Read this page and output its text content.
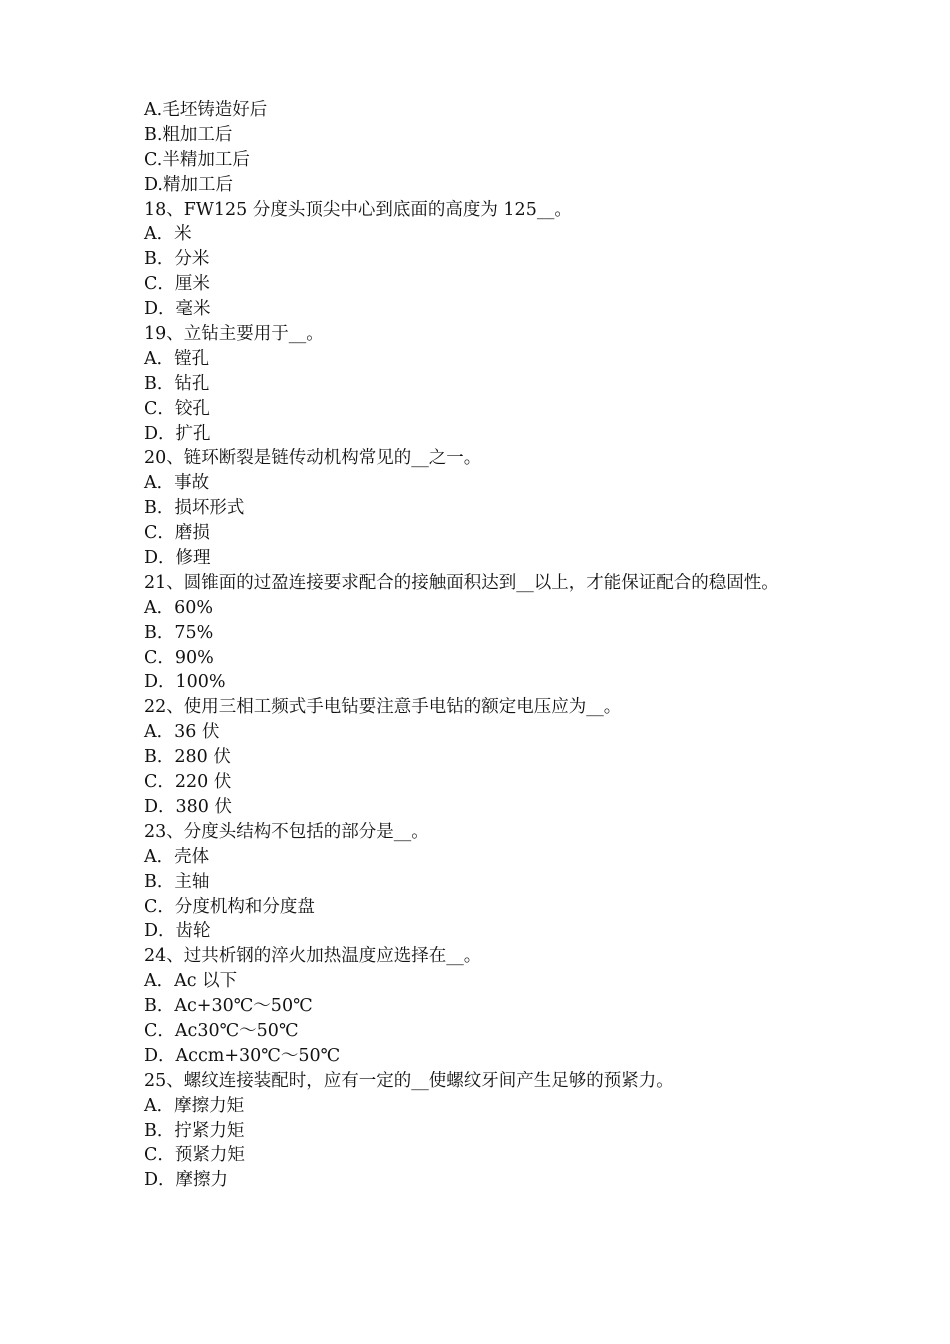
A.毛坯铸造好后
B.粗加工后
C.半精加工后
D.精加工后
18、FW125 分度头顶尖中心到底面的高度为 125__。
A．米
B．分米
C．厘米
D．毫米
19、立钻主要用于__。
A．镗孔
B．钻孔
C．铰孔
D．扩孔
20、链环断裂是链传动机构常见的__之一。
A．事故
B．损坏形式
C．磨损
D．修理
21、圆锥面的过盈连接要求配合的接触面积达到__以上，才能保证配合的稳固性。
A．60%
B．75%
C．90%
D．100%
22、使用三相工频式手电钻要注意手电钻的额定电压应为__。
A．36 伏
B．280 伏
C．220 伏
D．380 伏
23、分度头结构不包括的部分是__。
A．壳体
B．主轴
C．分度机构和分度盘
D．齿轮
24、过共析钢的淬火加热温度应选择在__。
A．Ac 以下
B．Ac+30℃～50℃
C．Ac30℃～50℃
D．Accm+30℃～50℃
25、螺纹连接装配时，应有一定的__使螺纹牙间产生足够的预紧力。
A．摩擦力矩
B．拧紧力矩
C．预紧力矩
D．摩擦力
